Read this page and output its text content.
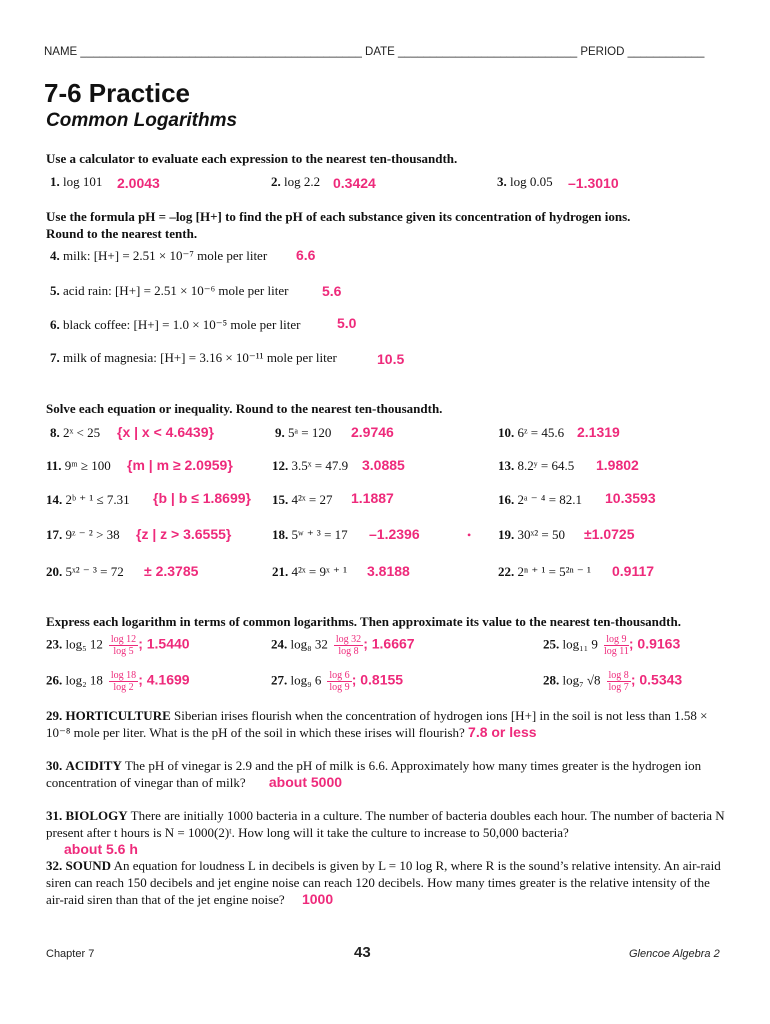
NAME ____________________________________________ DATE ____________________________ PERIOD ____________
7-6 Practice
Common Logarithms
Use a calculator to evaluate each expression to the nearest ten-thousandth.
1. log 101 2.0043	2. log 2.2 0.3424	3. log 0.05 –1.3010
Use the formula pH = –log [H+] to find the pH of each substance given its concentration of hydrogen ions.
Round to the nearest tenth.
4. milk: [H+] = 2.51 × 10⁻⁷ mole per liter 6.6
5. acid rain: [H+] = 2.51 × 10⁻⁶ mole per liter 5.6
6. black coffee: [H+] = 1.0 × 10⁻⁵ mole per liter	5.0
7. milk of magnesia: [H+] = 3.16 × 10⁻¹¹ mole per liter	10.5
Solve each equation or inequality. Round to the nearest ten-thousandth.
8. 2ˣ < 25 {x | x < 4.6439}	9. 5ᵃ = 120 2.9746	10. 6ᶻ = 45.6 2.1319
11. 9ᵐ ≥ 100 {m | m ≥ 2.0959}	12. 3.5ˣ = 47.9 3.0885	13. 8.2ʸ = 64.5 1.9802
14. 2ᵇ ⁺ ¹ ≤ 7.31 {b | b ≤ 1.8699} 15. 4²ˣ = 27 1.1887	16. 2ᵃ ⁻ ⁴ = 82.1 10.3593
17. 9ᶻ ⁻ ² > 38 {z | z > 3.6555}	18. 5ʷ ⁺ ³ = 17 –1.2396	• 19. 30ˣ² = 50 ±1.0725
20. 5ˣ² ⁻ ³ = 72 ± 2.3785	21. 4²ˣ = 9ˣ ⁺ ¹ 3.8188	22. 2ⁿ ⁺ ¹ = 5²ⁿ ⁻ ¹ 0.9117
Express each logarithm in terms of common logarithms. Then approximate its value to the nearest ten-thousandth.
23. log₅ $12 \frac{\log 12}{\log 5}$ ; 1.5440	24. log₈ $32 \frac{\log 32}{\log 8}$ ; 1.6667	25. log₁₁ $9 \frac{\log 9}{\log 11}$ ; 0.9163
26. log₂ $18 \frac{\log 18}{\log 2}$ ; 4.1699	27. log₉ $6 \frac{\log 6}{\log 9}$ ; 0.8155	28. log₇ $√8 \frac{\log 8}{\log 7}$ ; 0.5343
29. HORTICULTURE Siberian irises flourish when the concentration of hydrogen ions [H+] in the soil is not less than 1.58 × 10⁻⁸ mole per liter. What is the pH of the soil in which these irises will flourish? 7.8 or less
30. ACIDITY The pH of vinegar is 2.9 and the pH of milk is 6.6. Approximately how many times greater is the hydrogen ion concentration of vinegar than of milk? about 5000
31. BIOLOGY There are initially 1000 bacteria in a culture. The number of bacteria doubles each hour. The number of bacteria N present after t hours is N = 1000(2)ᵗ. How long will it take the culture to increase to 50,000 bacteria?
about 5.6 h
32. SOUND An equation for loudness L in decibels is given by L = 10 log R, where R is the sound’s relative intensity. An air-raid siren can reach 150 decibels and jet engine noise can reach 120 decibels. How many times greater is the relative intensity of the air-raid siren than that of the jet engine noise? 1000
Chapter 7	43	Glencoe Algebra 2
